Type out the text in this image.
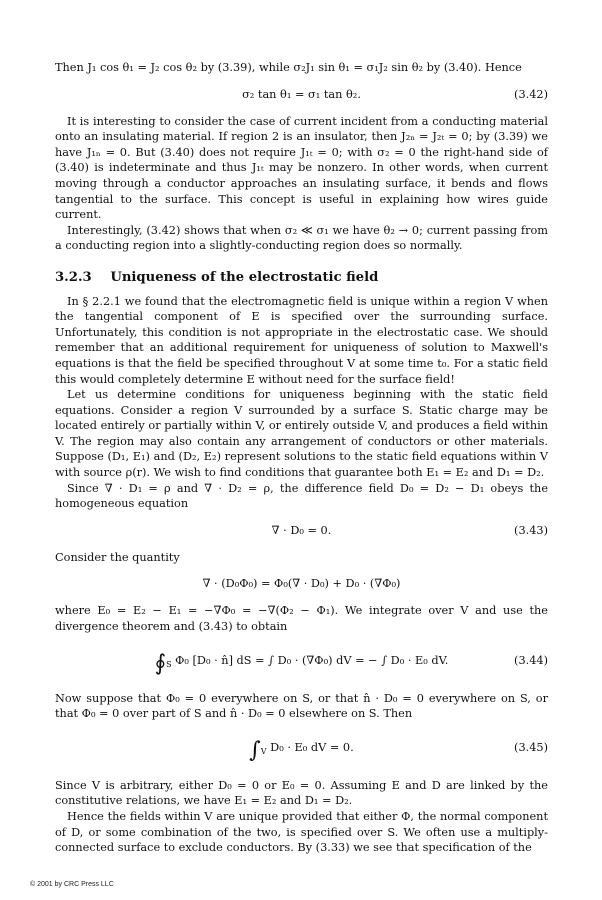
Then J₁ cos θ₁ = J₂ cos θ₂ by (3.39), while σ₂J₁ sin θ₁ = σ₁J₂ sin θ₂ by (3.40). Hence

σ₂ tan θ₁ = σ₁ tan θ₂.	(3.42)

It is interesting to consider the case of current incident from a conducting material onto an insulating material. If region 2 is an insulator, then J₂ₙ = J₂ₜ = 0; by (3.39) we have J₁ₙ = 0. But (3.40) does not require J₁ₜ = 0; with σ₂ = 0 the right-hand side of (3.40) is indeterminate and thus J₁ₜ may be nonzero. In other words, when current moving through a conductor approaches an insulating surface, it bends and flows tangential to the surface. This concept is useful in explaining how wires guide current.

Interestingly, (3.42) shows that when σ₂ ≪ σ₁ we have θ₂ → 0; current passing from a conducting region into a slightly-conducting region does so normally.

3.2.3 Uniqueness of the electrostatic field

In § 2.2.1 we found that the electromagnetic field is unique within a region V when the tangential component of E is specified over the surrounding surface. Unfortunately, this condition is not appropriate in the electrostatic case. We should remember that an additional requirement for uniqueness of solution to Maxwell's equations is that the field be specified throughout V at some time t₀. For a static field this would completely determine E without need for the surface field!

Let us determine conditions for uniqueness beginning with the static field equations. Consider a region V surrounded by a surface S. Static charge may be located entirely or partially within V, or entirely outside V, and produces a field within V. The region may also contain any arrangement of conductors or other materials. Suppose (D₁, E₁) and (D₂, E₂) represent solutions to the static field equations within V with source ρ(r). We wish to find conditions that guarantee both E₁ = E₂ and D₁ = D₂.

Since ∇ · D₁ = ρ and ∇ · D₂ = ρ, the difference field D₀ = D₂ − D₁ obeys the homogeneous equation

∇ · D₀ = 0.	(3.43)

Consider the quantity

∇ · (D₀Φ₀) = Φ₀(∇ · D₀) + D₀ · (∇Φ₀)

where E₀ = E₂ − E₁ = −∇Φ₀ = −∇(Φ₂ − Φ₁). We integrate over V and use the divergence theorem and (3.43) to obtain

$∮_S$ Φ₀ [D₀ · n̂] dS = ∫ D₀ · (∇Φ₀) dV = − ∫ D₀ · E₀ dV.	(3.44)

Now suppose that Φ₀ = 0 everywhere on S, or that n̂ · D₀ = 0 everywhere on S, or that Φ₀ = 0 over part of S and n̂ · D₀ = 0 elsewhere on S. Then

$\int_V$ D₀ · E₀ dV = 0.	(3.45)

Since V is arbitrary, either D₀ = 0 or E₀ = 0. Assuming E and D are linked by the constitutive relations, we have E₁ = E₂ and D₁ = D₂.

Hence the fields within V are unique provided that either Φ, the normal component of D, or some combination of the two, is specified over S. We often use a multiply-connected surface to exclude conductors. By (3.33) we see that specification of the

© 2001 by CRC Press LLC
